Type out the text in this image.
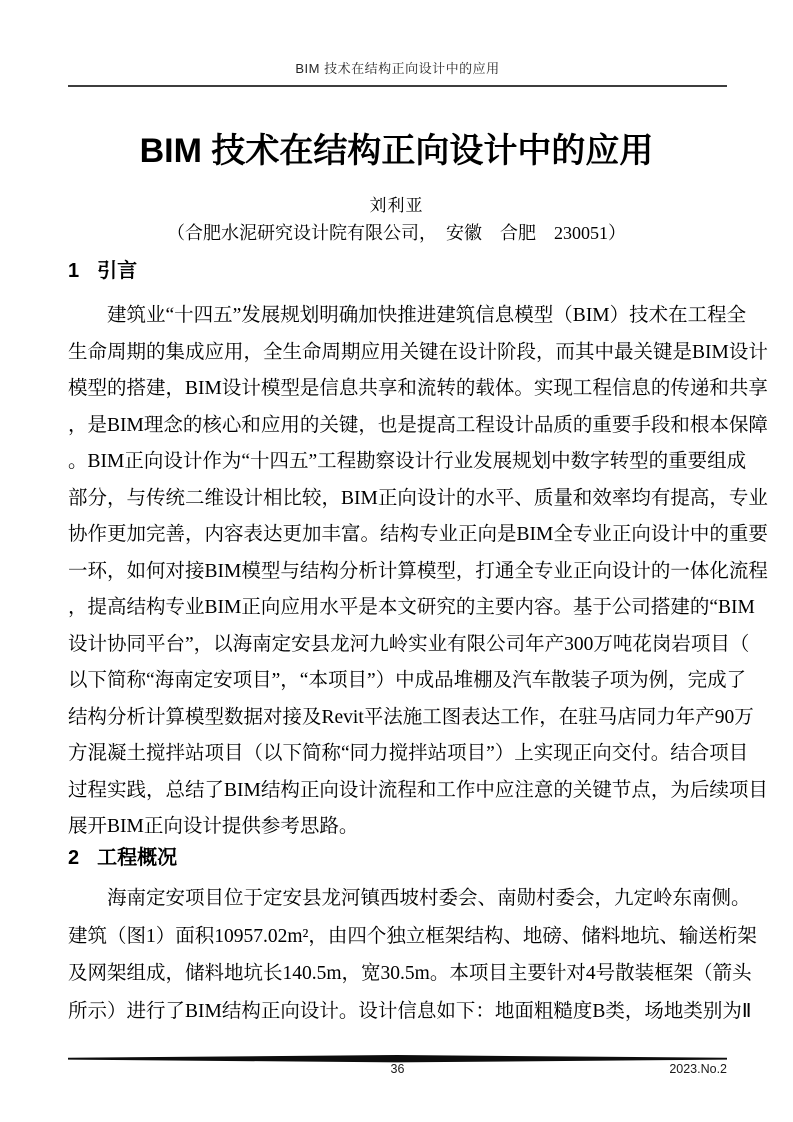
BIM 技术在结构正向设计中的应用
BIM 技术在结构正向设计中的应用
刘利亚
（合肥水泥研究设计院有限公司，　安徽　合肥　230051）
1 引言
建筑业“十四五”发展规划明确加快推进建筑信息模型（BIM）技术在工程全
生命周期的集成应用，全生命周期应用关键在设计阶段，而其中最关键是BIM设计
模型的搭建，BIM设计模型是信息共享和流转的载体。实现工程信息的传递和共享
，是BIM理念的核心和应用的关键，也是提高工程设计品质的重要手段和根本保障
。BIM正向设计作为“十四五”工程勘察设计行业发展规划中数字转型的重要组成
部分，与传统二维设计相比较，BIM正向设计的水平、质量和效率均有提高，专业
协作更加完善，内容表达更加丰富。结构专业正向是BIM全专业正向设计中的重要
一环，如何对接BIM模型与结构分析计算模型，打通全专业正向设计的一体化流程
，提高结构专业BIM正向应用水平是本文研究的主要内容。基于公司搭建的“BIM
设计协同平台”，以海南定安县龙河九岭实业有限公司年产300万吨花岗岩项目（
以下简称“海南定安项目”，“本项目”）中成品堆棚及汽车散装子项为例，完成了
结构分析计算模型数据对接及Revit平法施工图表达工作，在驻马店同力年产90万
方混凝土搅拌站项目（以下简称“同力搅拌站项目”）上实现正向交付。结合项目
过程实践，总结了BIM结构正向设计流程和工作中应注意的关键节点，为后续项目
展开BIM正向设计提供参考思路。
2 工程概况
海南定安项目位于定安县龙河镇西坡村委会、南勋村委会，九定岭东南侧。
建筑（图1）面积10957.02m²，由四个独立框架结构、地磅、储料地坑、输送桁架
及网架组成，储料地坑长140.5m，宽30.5m。本项目主要针对4号散装框架（箭头
所示）进行了BIM结构正向设计。设计信息如下：地面粗糙度B类，场地类别为Ⅱ
36	2023.No.2
